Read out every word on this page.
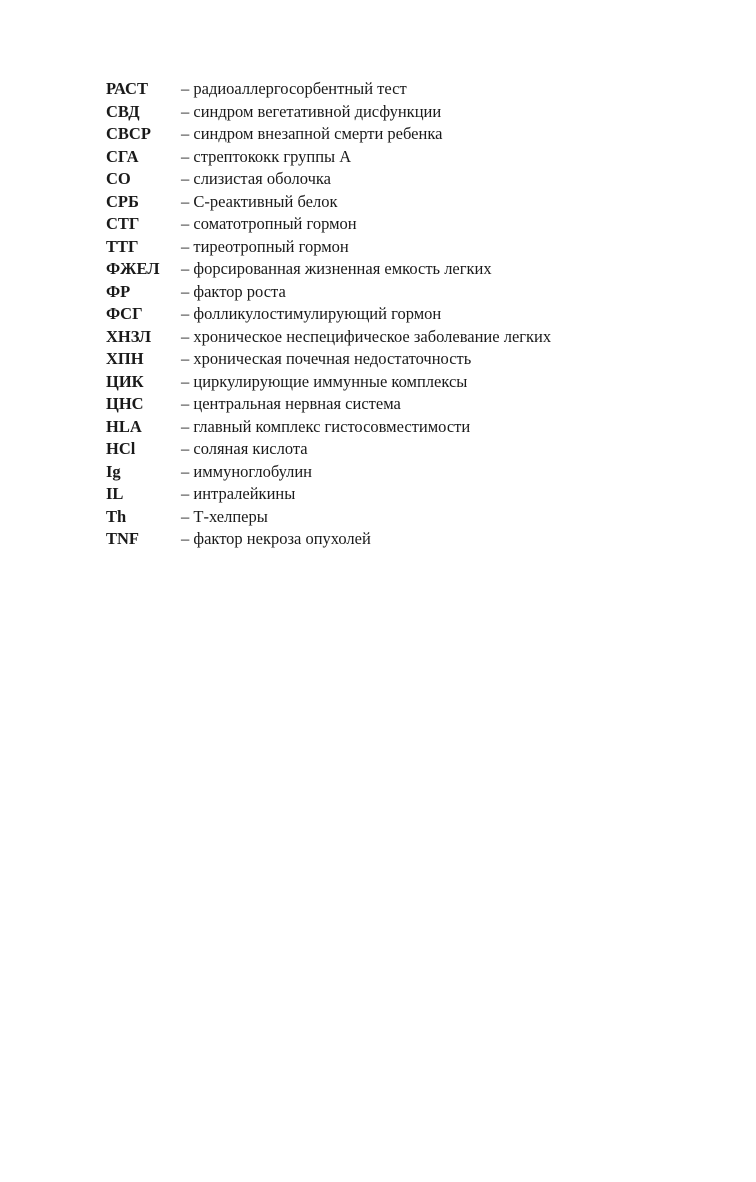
РАСТ	– радиоаллергосорбентный тест
СВД	– синдром вегетативной дисфункции
СВСР	– синдром внезапной смерти ребенка
СГА	– стрептококк группы А
СО	– слизистая оболочка
СРБ	– С-реактивный белок
СТГ	– соматотропный гормон
ТТГ	– тиреотропный гормон
ФЖЕЛ	– форсированная жизненная емкость легких
ФР	– фактор роста
ФСГ	– фолликулостимулирующий гормон
ХНЗЛ	– хроническое неспецифическое заболевание легких
ХПН	– хроническая почечная недостаточность
ЦИК	– циркулирующие иммунные комплексы
ЦНС	– центральная нервная система
HLA	– главный комплекс гистосовместимости
HCl	– соляная кислота
Ig	– иммуноглобулин
IL	– интралейкины
Th	– Т-хелперы
TNF	– фактор некроза опухолей
